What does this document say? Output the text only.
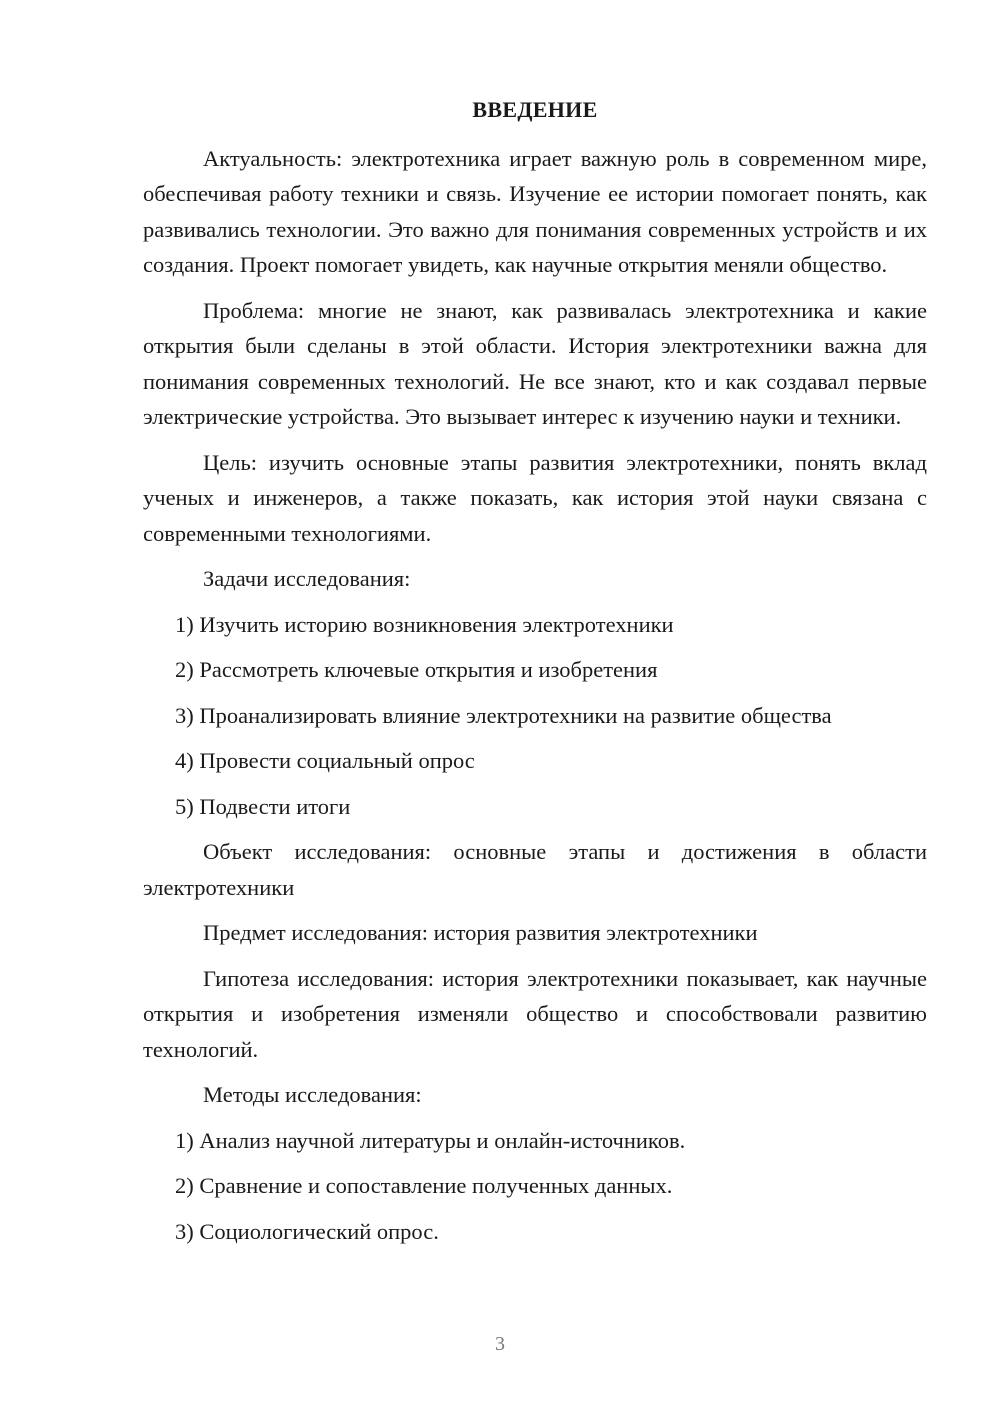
ВВЕДЕНИЕ

Актуальность: электротехника играет важную роль в современном мире, обеспечивая работу техники и связь. Изучение ее истории помогает понять, как развивались технологии. Это важно для понимания современных устройств и их создания. Проект помогает увидеть, как научные открытия меняли общество.

Проблема: многие не знают, как развивалась электротехника и какие открытия были сделаны в этой области. История электротехники важна для понимания современных технологий. Не все знают, кто и как создавал первые электрические устройства. Это вызывает интерес к изучению науки и техники.

Цель: изучить основные этапы развития электротехники, понять вклад ученых и инженеров, а также показать, как история этой науки связана с современными технологиями.

Задачи исследования:

1) Изучить историю возникновения электротехники
2) Рассмотреть ключевые открытия и изобретения
3) Проанализировать влияние электротехники на развитие общества
4) Провести социальный опрос
5) Подвести итоги

Объект исследования: основные этапы и достижения в области электротехники

Предмет исследования: история развития электротехники

Гипотеза исследования: история электротехники показывает, как научные открытия и изобретения изменяли общество и способствовали развитию технологий.

Методы исследования:

1) Анализ научной литературы и онлайн-источников.
2) Сравнение и сопоставление полученных данных.
3) Социологический опрос.
3
